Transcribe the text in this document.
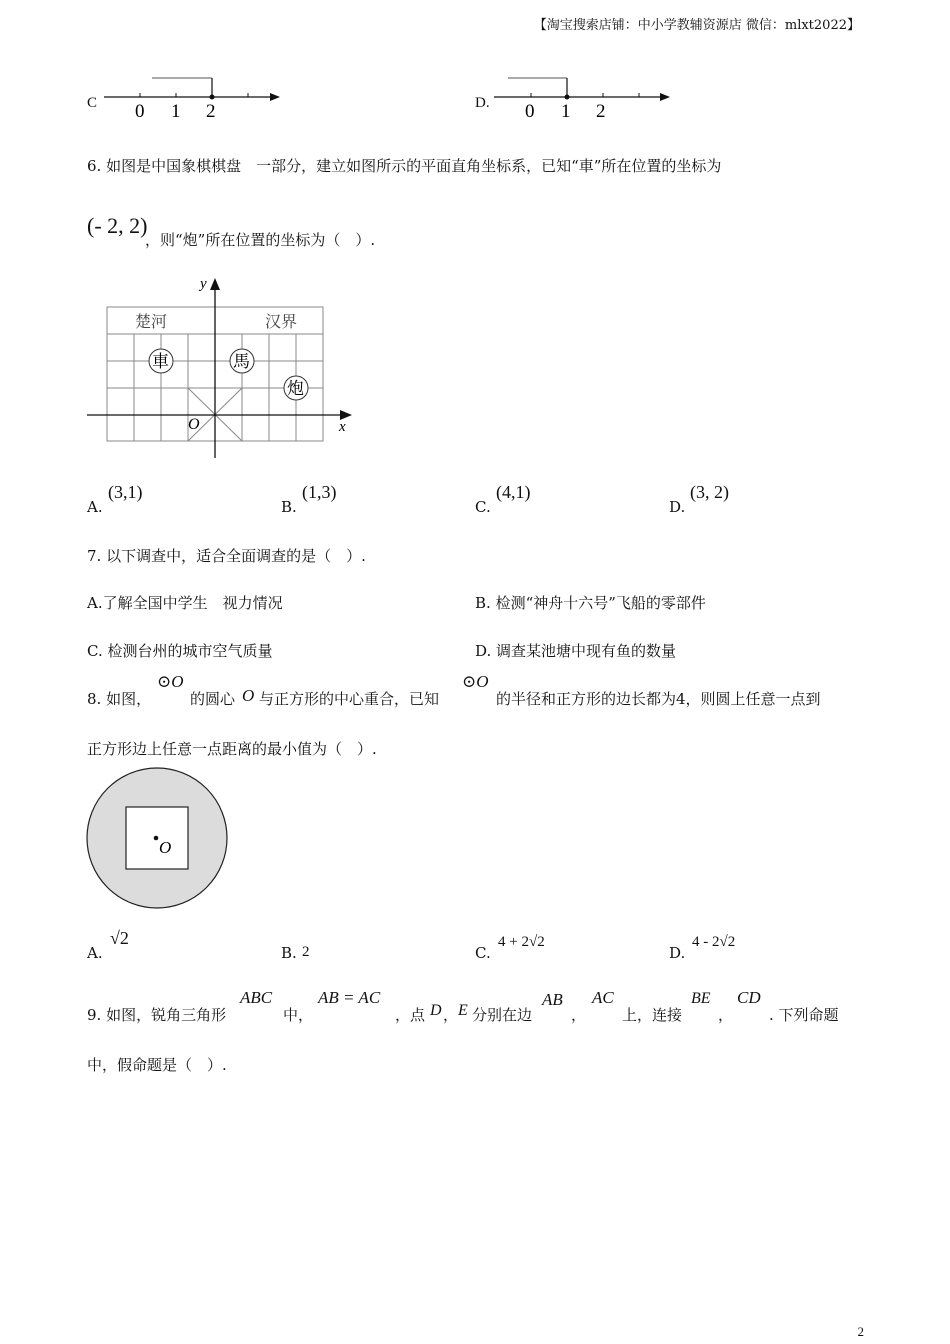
【淘宝搜索店铺：中小学教辅资源店 微信：mlxt2022】
C 0 1 2	D. 0 1 2
6. 如图是中国象棋棋盘　一部分，建立如图所示的平面直角坐标系，已知“車”所在位置的坐标为
(- 2, 2)
，则“炮”所在位置的坐标为（　）.
y
x
O
楚河	汉界
車	馬
炮
A.
(3,1)
B.
(1,3)
C.
(4,1)
D.
(3, 2)
7. 以下调查中，适合全面调查的是（　）.
A.了解全国中学生　视力情况	B. 检测“神舟十六号”飞船的零部件
C. 检测台州的城市空气质量	D. 调查某池塘中现有鱼的数量
8. 如图，
⊙O
的圆心 O 与正方形的中心重合，已知
⊙O
的半径和正方形的边长都为4，则圆上任意一点到
正方形边上任意一点距离的最小值为（　）.
O
A.
√2
B. 2	C.
4 + 2√2
D.
4 - 2√2
9. 如图，锐角三角形
ABC
中，
AB = AC
，点 D ， E 分别在边
AB
，
AC
上，连接
BE
，
CD
. 下列命题
中，假命题是（　）.
2
